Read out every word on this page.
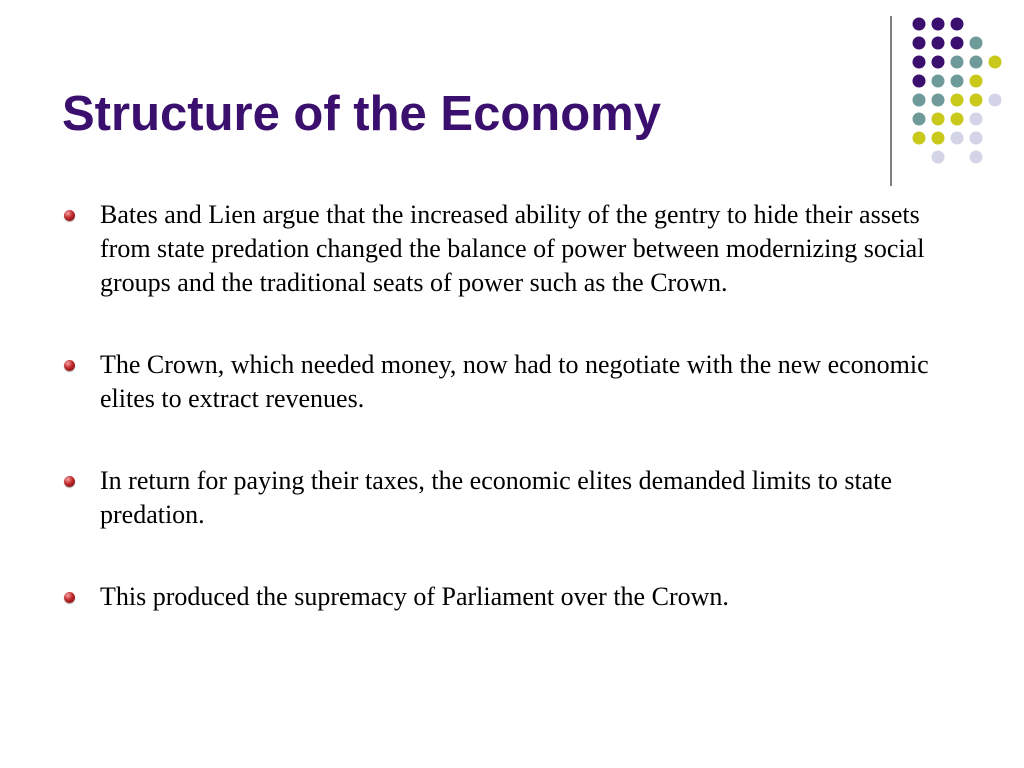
Structure of the Economy
Bates and Lien argue that the increased ability of the gentry to hide their assets from state predation changed the balance of power between modernizing social groups and the traditional seats of power such as the Crown.
The Crown, which needed money, now had to negotiate with the new economic elites to extract revenues.
In return for paying their taxes, the economic elites demanded limits to state predation.
This produced the supremacy of Parliament over the Crown.
